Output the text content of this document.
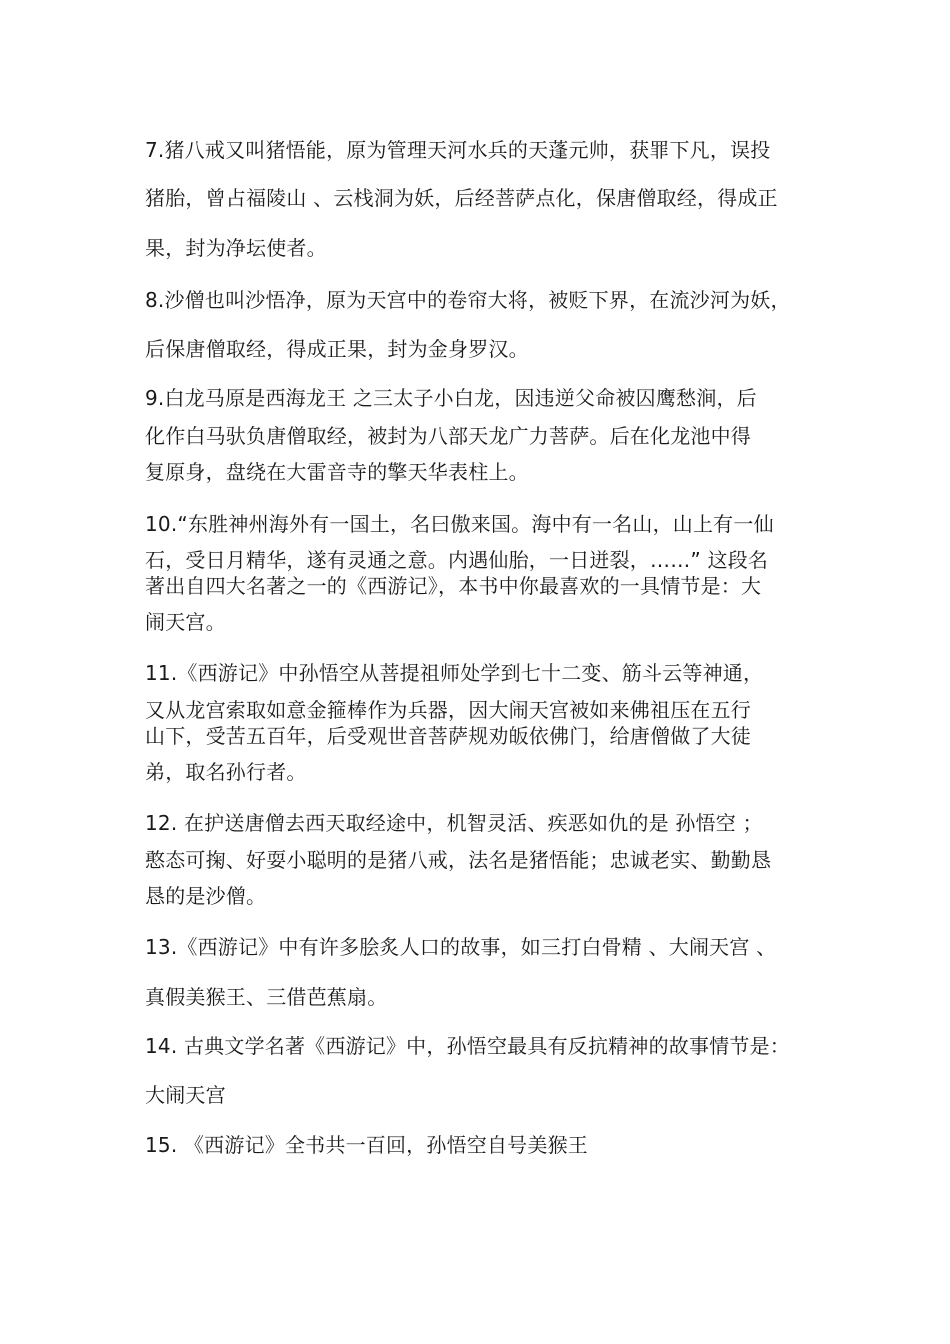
7.猪八戒又叫猪悟能，原为管理天河水兵的天蓬元帅，获罪下凡，误投
猪胎，曾占福陵山 、云栈洞为妖，后经菩萨点化，保唐僧取经，得成正
果，封为净坛使者。
8.沙僧也叫沙悟净，原为天宫中的卷帘大将，被贬下界，在流沙河为妖，
后保唐僧取经，得成正果，封为金身罗汉。
9.白龙马原是西海龙王 之三太子小白龙，因违逆父命被囚鹰愁涧，后
化作白马驮负唐僧取经，被封为八部天龙广力菩萨。后在化龙池中得
复原身，盘绕在大雷音寺的擎天华表柱上。
10.“东胜神州海外有一国土，名曰傲来国。海中有一名山，山上有一仙
石，受日月精华，遂有灵通之意。内遇仙胎，一日迸裂，……” 这段名
著出自四大名著之一的《西游记》，本书中你最喜欢的一具情节是：大
闹天宫。
11.《西游记》中孙悟空从菩提祖师处学到七十二变、筋斗云等神通，
又从龙宫索取如意金箍棒作为兵器，因大闹天宫被如来佛祖压在五行
山下，受苦五百年，后受观世音菩萨规劝皈依佛门，给唐僧做了大徒
弟，取名孙行者。
12. 在护送唐僧去西天取经途中，机智灵活、疾恶如仇的是 孙悟空 ；
憨态可掬、好耍小聪明的是猪八戒，法名是猪悟能；忠诚老实、勤勤恳
恳的是沙僧。
13.《西游记》中有许多脍炙人口的故事，如三打白骨精 、大闹天宫 、
真假美猴王、三借芭蕉扇。
14. 古典文学名著《西游记》中，孙悟空最具有反抗精神的故事情节是：
大闹天宫
15. 《西游记》全书共一百回，孙悟空自号美猴王
